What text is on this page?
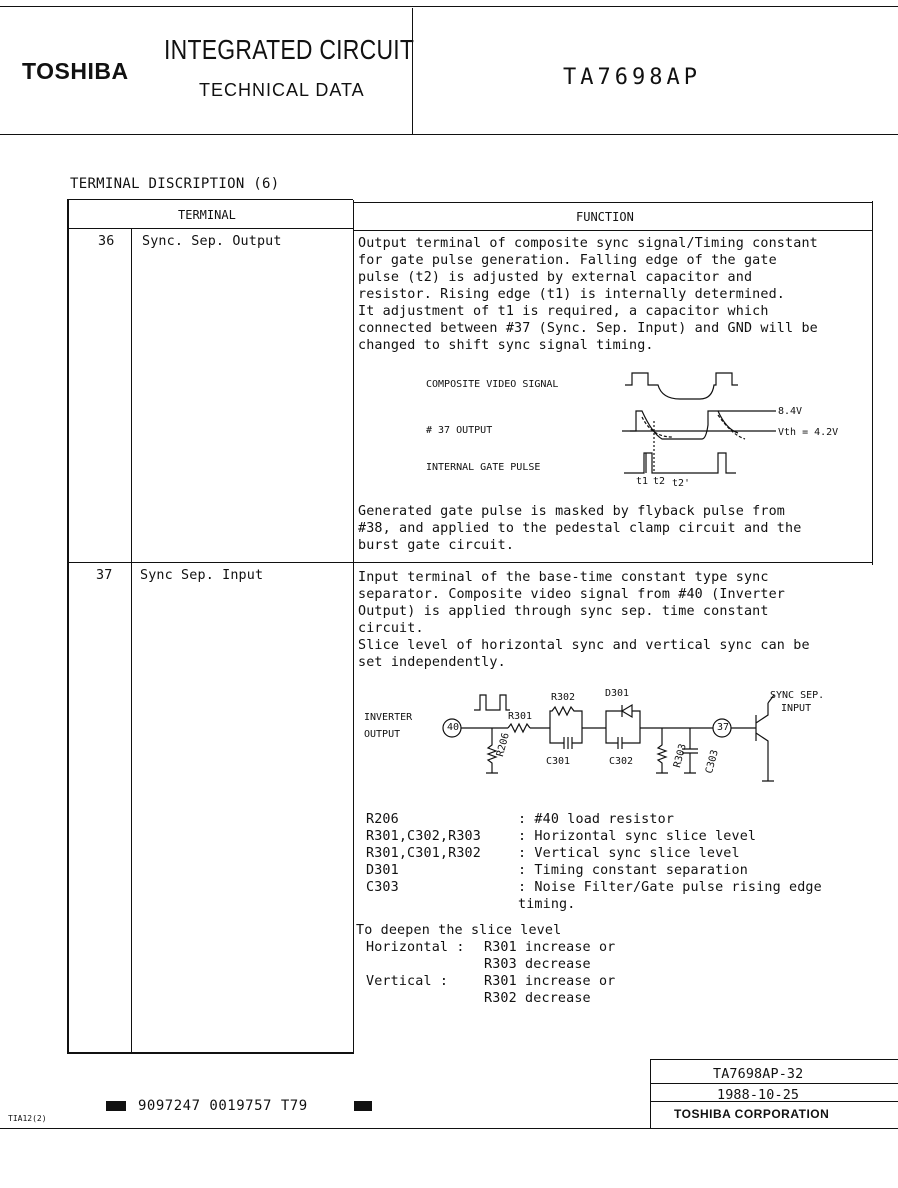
TOSHIBA
INTEGRATED CIRCUIT
TECHNICAL DATA	TA7698AP
TERMINAL DISCRIPTION (6)
TERMINAL	FUNCTION
36 Sync. Sep. Output	Output terminal of composite sync signal/Timing constant
for gate pulse generation. Falling edge of the gate
pulse (t2) is adjusted by external capacitor and
resistor. Rising edge (t1) is internally determined.
It adjustment of t1 is required, a capacitor which
connected between #37 (Sync. Sep. Input) and GND will be
changed to shift sync signal timing.
COMPOSITE VIDEO SIGNAL
# 37 OUTPUT
INTERNAL GATE PULSE
8.4V
Vth = 4.2V
t1 t2 t2'
Generated gate pulse is masked by flyback pulse from
#38, and applied to the pedestal clamp circuit and the
burst gate circuit.
37 Sync Sep. Input	Input terminal of the base-time constant type sync
separator. Composite video signal from #40 (Inverter
Output) is applied through sync sep. time constant
circuit.
Slice level of horizontal sync and vertical sync can be
set independently.
INVERTER
OUTPUT
R301
R302	D301
R206
C301	C302	R303 C303
SYNC SEP.
INPUT
40	37
R206	: #40 load resistor
R301,C302,R303	: Horizontal sync slice level
R301,C301,R302	: Vertical sync slice level
D301	: Timing constant separation
C303	: Noise Filter/Gate pulse rising edge
timing.
To deepen the slice level
Horizontal :	R301 increase or
R303 decrease
Vertical :	R301 increase or
R302 decrease
TA7698AP-32
1988-10-25
TOSHIBA CORPORATION
9097247 0019757 T79
TIA12(2)
